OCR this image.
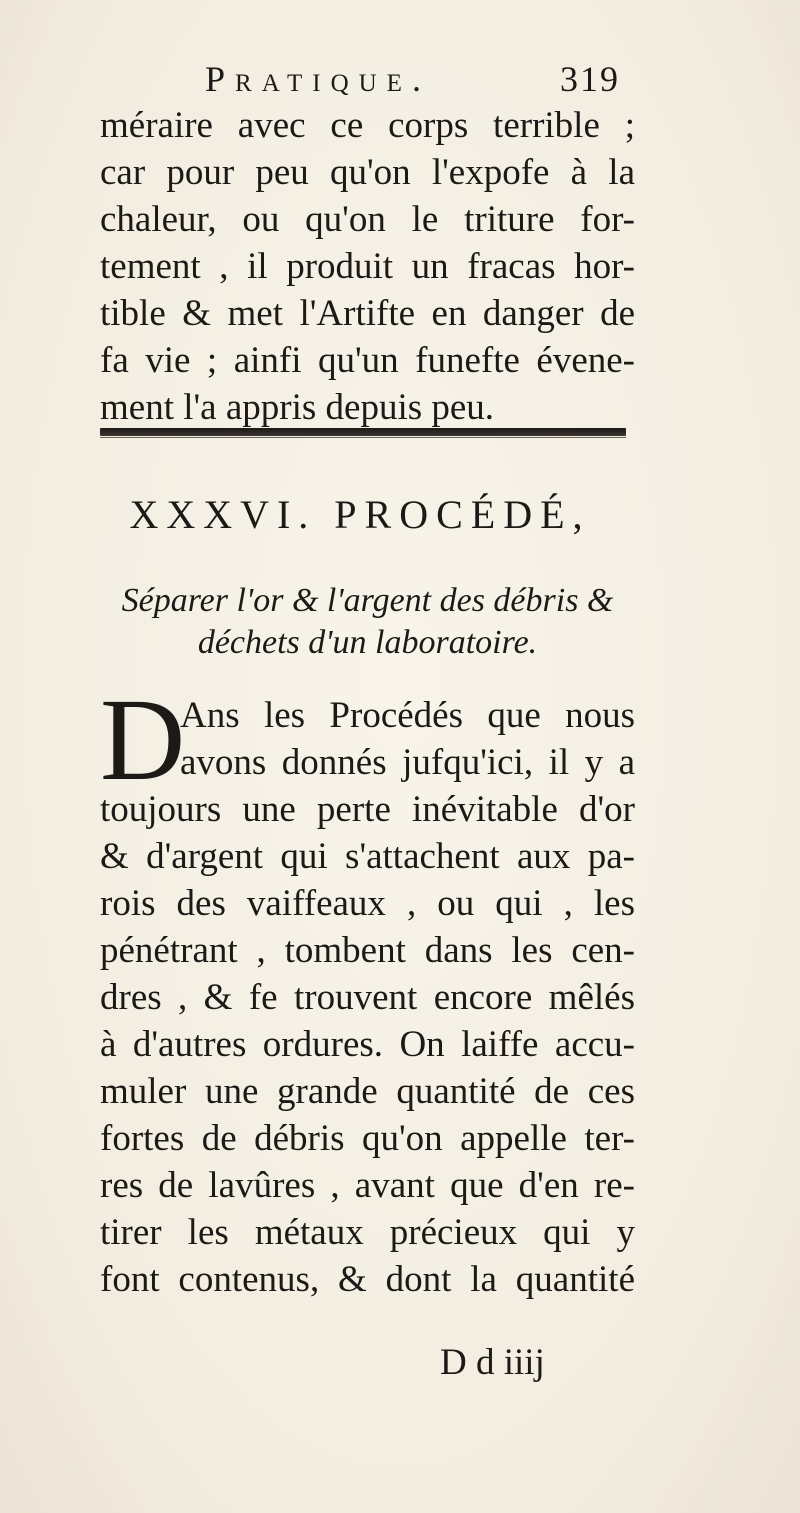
Pratique.	319
méraire avec ce corps terrible ;
car pour peu qu'on l'expofe à la
chaleur, ou qu'on le triture for-
tement , il produit un fracas hor-
tible & met l'Artifte en danger de
fa vie ; ainfi qu'un funefte évene-
ment l'a appris depuis peu.
XXXVI. PROCÉDÉ,
Séparer l'or & l'argent des débris &
déchets d'un laboratoire.
D
Ans les Procédés que nous
avons donnés jufqu'ici, il y a
toujours une perte inévitable d'or
& d'argent qui s'attachent aux pa-
rois des vaiffeaux , ou qui , les
pénétrant , tombent dans les cen-
dres , & fe trouvent encore mêlés
à d'autres ordures. On laiffe accu-
muler une grande quantité de ces
fortes de débris qu'on appelle ter-
res de lavûres , avant que d'en re-
tirer les métaux précieux qui y
font contenus, & dont la quantité
D d iiij
